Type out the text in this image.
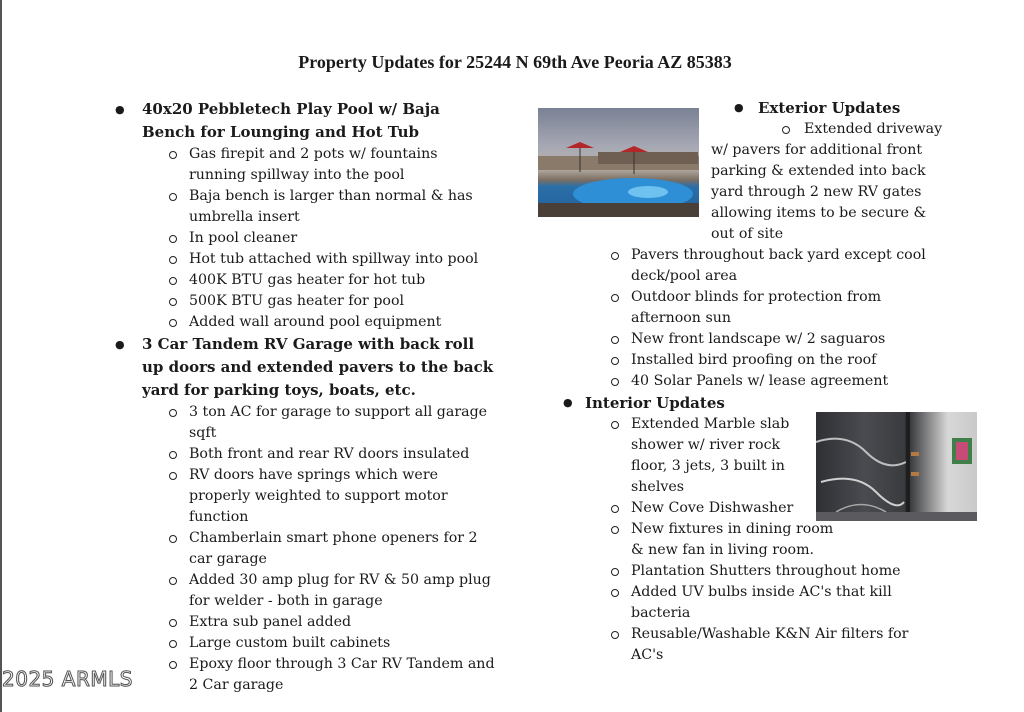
Property Updates for 25244 N 69th Ave Peoria AZ 85383
● 40x20 Pebbletech Play Pool w/ Baja Bench for Lounging and Hot Tub
Gas firepit and 2 pots w/ fountains running spillway into the pool
Baja bench is larger than normal & has umbrella insert
In pool cleaner
Hot tub attached with spillway into pool
400K BTU gas heater for hot tub
500K BTU gas heater for pool
Added wall around pool equipment
● 3 Car Tandem RV Garage with back roll up doors and extended pavers to the back yard for parking toys, boats, etc.
3 ton AC for garage to support all garage sqft
Both front and rear RV doors insulated
RV doors have springs which were properly weighted to support motor function
Chamberlain smart phone openers for 2 car garage
Added 30 amp plug for RV & 50 amp plug for welder - both in garage
Extra sub panel added
Large custom built cabinets
Epoxy floor through 3 Car RV Tandem and 2 Car garage
● Exterior Updates
Extended driveway
w/ pavers for additional front parking & extended into back yard through 2 new RV gates allowing items to be secure & out of site
Pavers throughout back yard except cool deck/pool area
Outdoor blinds for protection from afternoon sun
New front landscape w/ 2 saguaros
Installed bird proofing on the roof
40 Solar Panels w/ lease agreement
● Interior Updates
Extended Marble slab shower w/ river rock floor, 3 jets, 3 built in shelves
New Cove Dishwasher
New fixtures in dining room & new fan in living room.
Plantation Shutters throughout home
Added UV bulbs inside AC's that kill bacteria
Reusable/Washable K&N Air filters for AC's
2025 ARMLS
